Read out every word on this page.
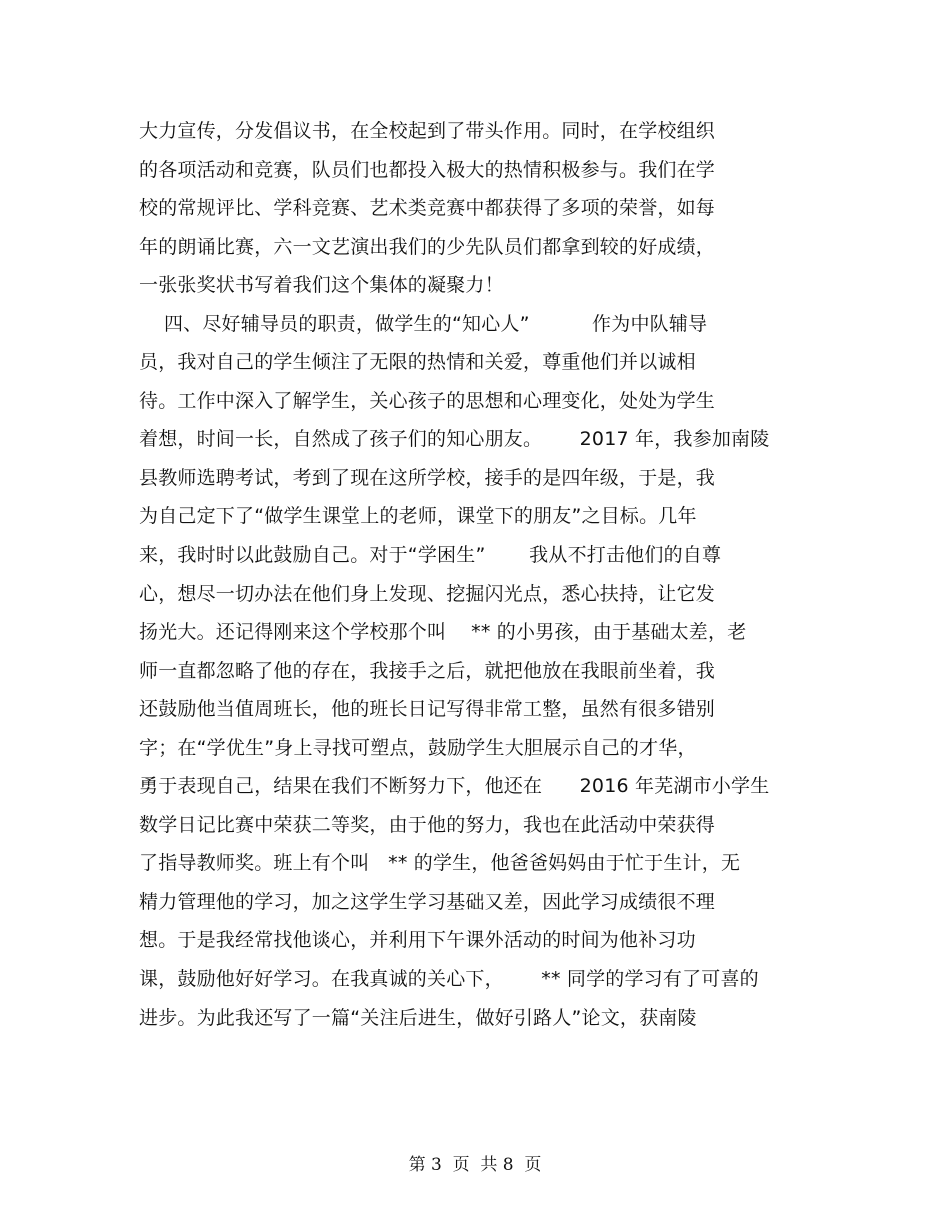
大力宣传，分发倡议书，在全校起到了带头作用。同时，在学校组织
的各项活动和竞赛，队员们也都投入极大的热情积极参与。我们在学
校的常规评比、学科竞赛、艺术类竞赛中都获得了多项的荣誉，如每
年的朗诵比赛，六一文艺演出我们的少先队员们都拿到较的好成绩，
一张张奖状书写着我们这个集体的凝聚力！
四、尽好辅导员的职责，做学生的“知心人”          作为中队辅导
员，我对自己的学生倾注了无限的热情和关爱，尊重他们并以诚相
待。工作中深入了解学生，关心孩子的思想和心理变化，处处为学生
着想，时间一长，自然成了孩子们的知心朋友。      2017 年，我参加南陵
县教师选聘考试，考到了现在这所学校，接手的是四年级，于是，我
为自己定下了“做学生课堂上的老师，课堂下的朋友”之目标。几年
来，我时时以此鼓励自己。对于“学困生”       我从不打击他们的自尊
心，想尽一切办法在他们身上发现、挖掘闪光点，悉心扶持，让它发
扬光大。还记得刚来这个学校那个叫    ** 的小男孩，由于基础太差，老
师一直都忽略了他的存在，我接手之后，就把他放在我眼前坐着，我
还鼓励他当值周班长，他的班长日记写得非常工整，虽然有很多错别
字；在“学优生”身上寻找可塑点，鼓励学生大胆展示自己的才华，
勇于表现自己，结果在我们不断努力下，他还在      2016 年芜湖市小学生
数学日记比赛中荣获二等奖，由于他的努力，我也在此活动中荣获得
了指导教师奖。班上有个叫   ** 的学生，他爸爸妈妈由于忙于生计，无
精力管理他的学习，加之这学生学习基础又差，因此学习成绩很不理
想。于是我经常找他谈心，并利用下午课外活动的时间为他补习功
课，鼓励他好好学习。在我真诚的关心下，      ** 同学的学习有了可喜的
进步。为此我还写了一篇“关注后进生，做好引路人”论文，获南陵
第 3  页  共 8  页
